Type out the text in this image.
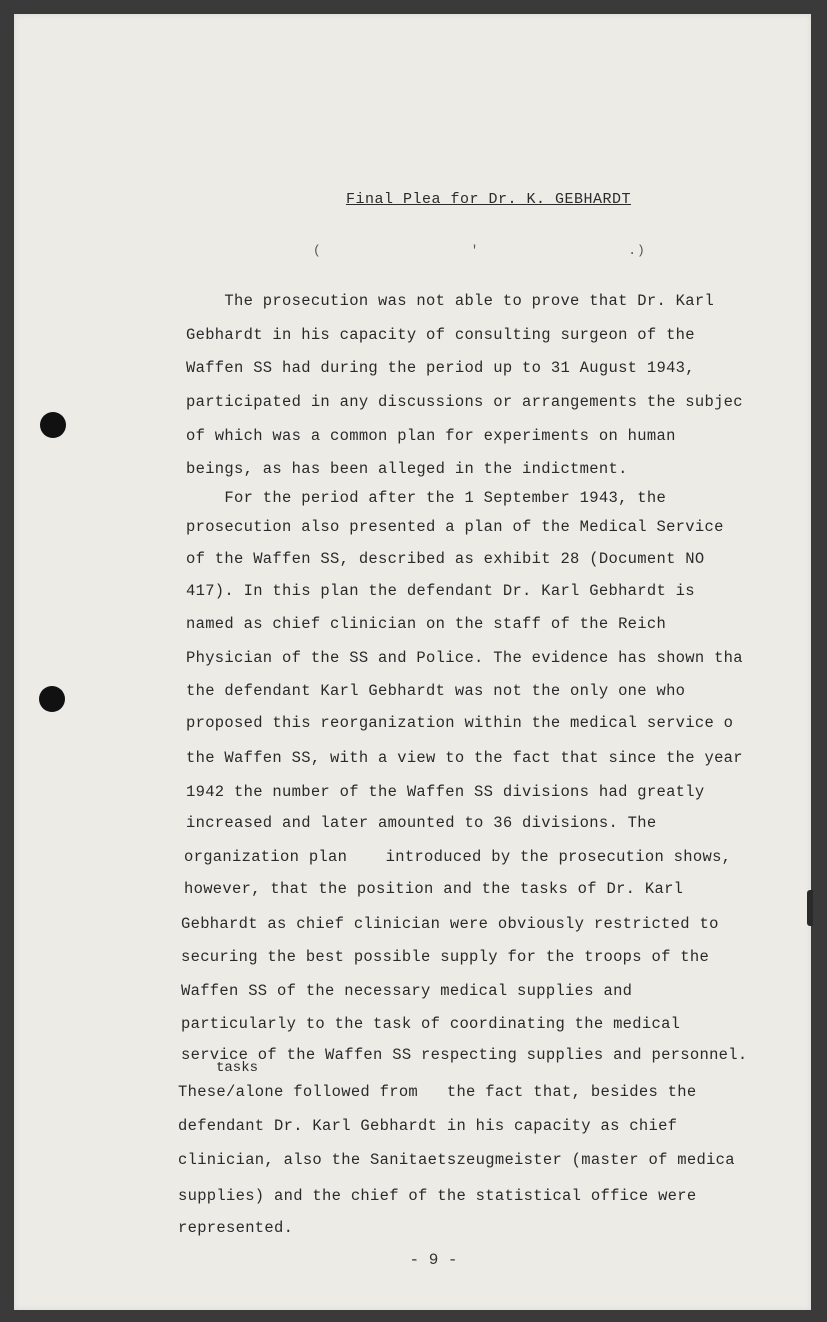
Final Plea for Dr. K. GEBHARDT
( ' .)
The prosecution was not able to prove that Dr. Karl
Gebhardt in his capacity of consulting surgeon of the
Waffen SS had during the period up to 31 August 1943,
participated in any discussions or arrangements the subjec
of which was a common plan for experiments on human
beings, as has been alleged in the indictment.
For the period after the 1 September 1943, the
prosecution also presented a plan of the Medical Service
of the Waffen SS, described as exhibit 28 (Document NO
417). In this plan the defendant Dr. Karl Gebhardt is
named as chief clinician on the staff of the Reich
Physician of the SS and Police. The evidence has shown tha
the defendant Karl Gebhardt was not the only one who
proposed this reorganization within the medical service o
the Waffen SS, with a view to the fact that since the year
1942 the number of the Waffen SS divisions had greatly
increased and later amounted to 36 divisions. The
organization plan    introduced by the prosecution shows,
however, that the position and the tasks of Dr. Karl
Gebhardt as chief clinician were obviously restricted to
securing the best possible supply for the troops of the
Waffen SS of the necessary medical supplies and
particularly to the task of coordinating the medical
service of the Waffen SS respecting supplies and personnel.
These/alone followed from   the fact that, besides the
defendant Dr. Karl Gebhardt in his capacity as chief
clinician, also the Sanitaetszeugmeister (master of medica
supplies) and the chief of the statistical office were
represented.
tasks
- 9 -
